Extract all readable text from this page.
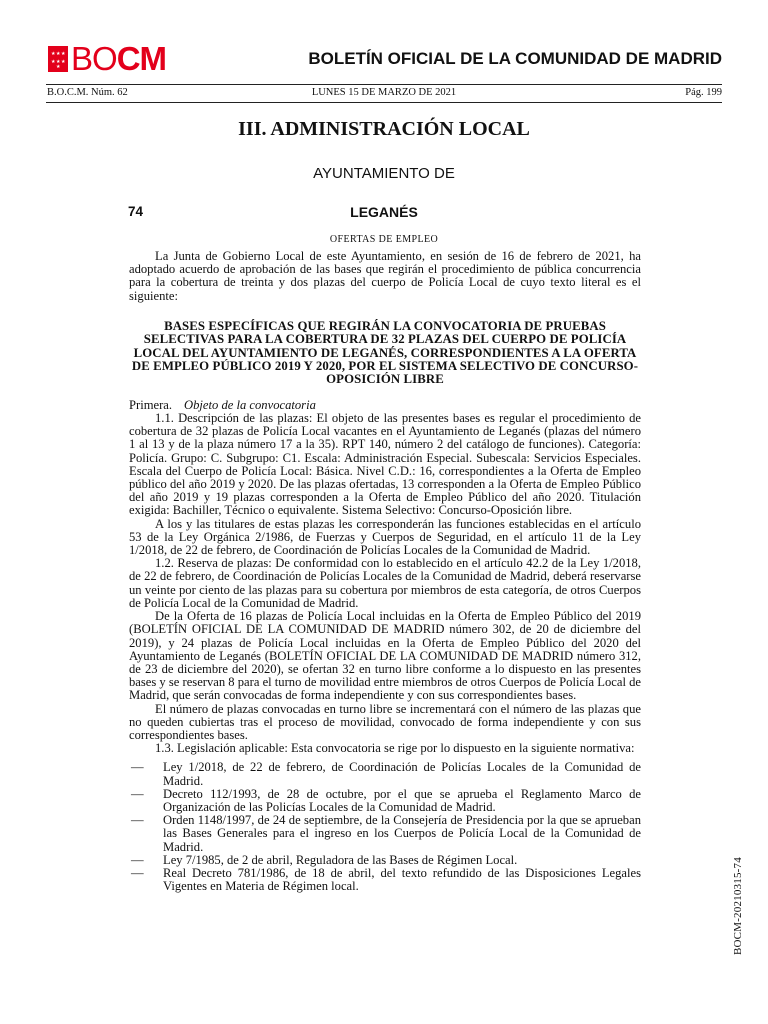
★ ★ ★
★ ★ ★
★ BOCM	BOLETÍN OFICIAL DE LA COMUNIDAD DE MADRID
B.O.C.M. Núm. 62	LUNES 15 DE MARZO DE 2021	Pág. 199
III. ADMINISTRACIÓN LOCAL
AYUNTAMIENTO DE
74	LEGANÉS
OFERTAS DE EMPLEO

La Junta de Gobierno Local de este Ayuntamiento, en sesión de 16 de febrero de 2021, ha adoptado acuerdo de aprobación de las bases que regirán el procedimiento de pública concurrencia para la cobertura de treinta y dos plazas del cuerpo de Policía Local de cuyo texto literal es el siguiente:

BASES ESPECÍFICAS QUE REGIRÁN LA CONVOCATORIA DE PRUEBAS SELECTIVAS PARA LA COBERTURA DE 32 PLAZAS DEL CUERPO DE POLICÍA LOCAL DEL AYUNTAMIENTO DE LEGANÉS, CORRESPONDIENTES A LA OFERTA DE EMPLEO PÚBLICO 2019 Y 2020, POR EL SISTEMA SELECTIVO DE CONCURSO-OPOSICIÓN LIBRE

Primera. Objeto de la convocatoria

1.1. Descripción de las plazas: El objeto de las presentes bases es regular el procedimiento de cobertura de 32 plazas de Policía Local vacantes en el Ayuntamiento de Leganés (plazas del número 1 al 13 y de la plaza número 17 a la 35). RPT 140, número 2 del catálogo de funciones). Categoría: Policía. Grupo: C. Subgrupo: C1. Escala: Administración Especial. Subescala: Servicios Especiales. Escala del Cuerpo de Policía Local: Básica. Nivel C.D.: 16, correspondientes a la Oferta de Empleo público del año 2019 y 2020. De las plazas ofertadas, 13 corresponden a la Oferta de Empleo Público del año 2019 y 19 plazas corresponden a la Oferta de Empleo Público del año 2020. Titulación exigida: Bachiller, Técnico o equivalente. Sistema Selectivo: Concurso-Oposición libre.

A los y las titulares de estas plazas les corresponderán las funciones establecidas en el artículo 53 de la Ley Orgánica 2/1986, de Fuerzas y Cuerpos de Seguridad, en el artículo 11 de la Ley 1/2018, de 22 de febrero, de Coordinación de Policías Locales de la Comunidad de Madrid.

1.2. Reserva de plazas: De conformidad con lo establecido en el artículo 42.2 de la Ley 1/2018, de 22 de febrero, de Coordinación de Policías Locales de la Comunidad de Madrid, deberá reservarse un veinte por ciento de las plazas para su cobertura por miembros de esta categoría, de otros Cuerpos de Policía Local de la Comunidad de Madrid.

De la Oferta de 16 plazas de Policía Local incluidas en la Oferta de Empleo Público del 2019 (BOLETÍN OFICIAL DE LA COMUNIDAD DE MADRID número 302, de 20 de diciembre del 2019), y 24 plazas de Policía Local incluidas en la Oferta de Empleo Público del 2020 del Ayuntamiento de Leganés (BOLETÍN OFICIAL DE LA COMUNIDAD DE MADRID número 312, de 23 de diciembre del 2020), se ofertan 32 en turno libre conforme a lo dispuesto en las presentes bases y se reservan 8 para el turno de movilidad entre miembros de otros Cuerpos de Policía Local de Madrid, que serán convocadas de forma independiente y con sus correspondientes bases.

El número de plazas convocadas en turno libre se incrementará con el número de las plazas que no queden cubiertas tras el proceso de movilidad, convocado de forma independiente y con sus correspondientes bases.

1.3. Legislación aplicable: Esta convocatoria se rige por lo dispuesto en la siguiente normativa:

—	Ley 1/2018, de 22 de febrero, de Coordinación de Policías Locales de la Comunidad de Madrid.
—	Decreto 112/1993, de 28 de octubre, por el que se aprueba el Reglamento Marco de Organización de las Policías Locales de la Comunidad de Madrid.
—	Orden 1148/1997, de 24 de septiembre, de la Consejería de Presidencia por la que se aprueban las Bases Generales para el ingreso en los Cuerpos de Policía Local de la Comunidad de Madrid.
—	Ley 7/1985, de 2 de abril, Reguladora de las Bases de Régimen Local.
—	Real Decreto 781/1986, de 18 de abril, del texto refundido de las Disposiciones Legales Vigentes en Materia de Régimen local.	BOCM-20210315-74
